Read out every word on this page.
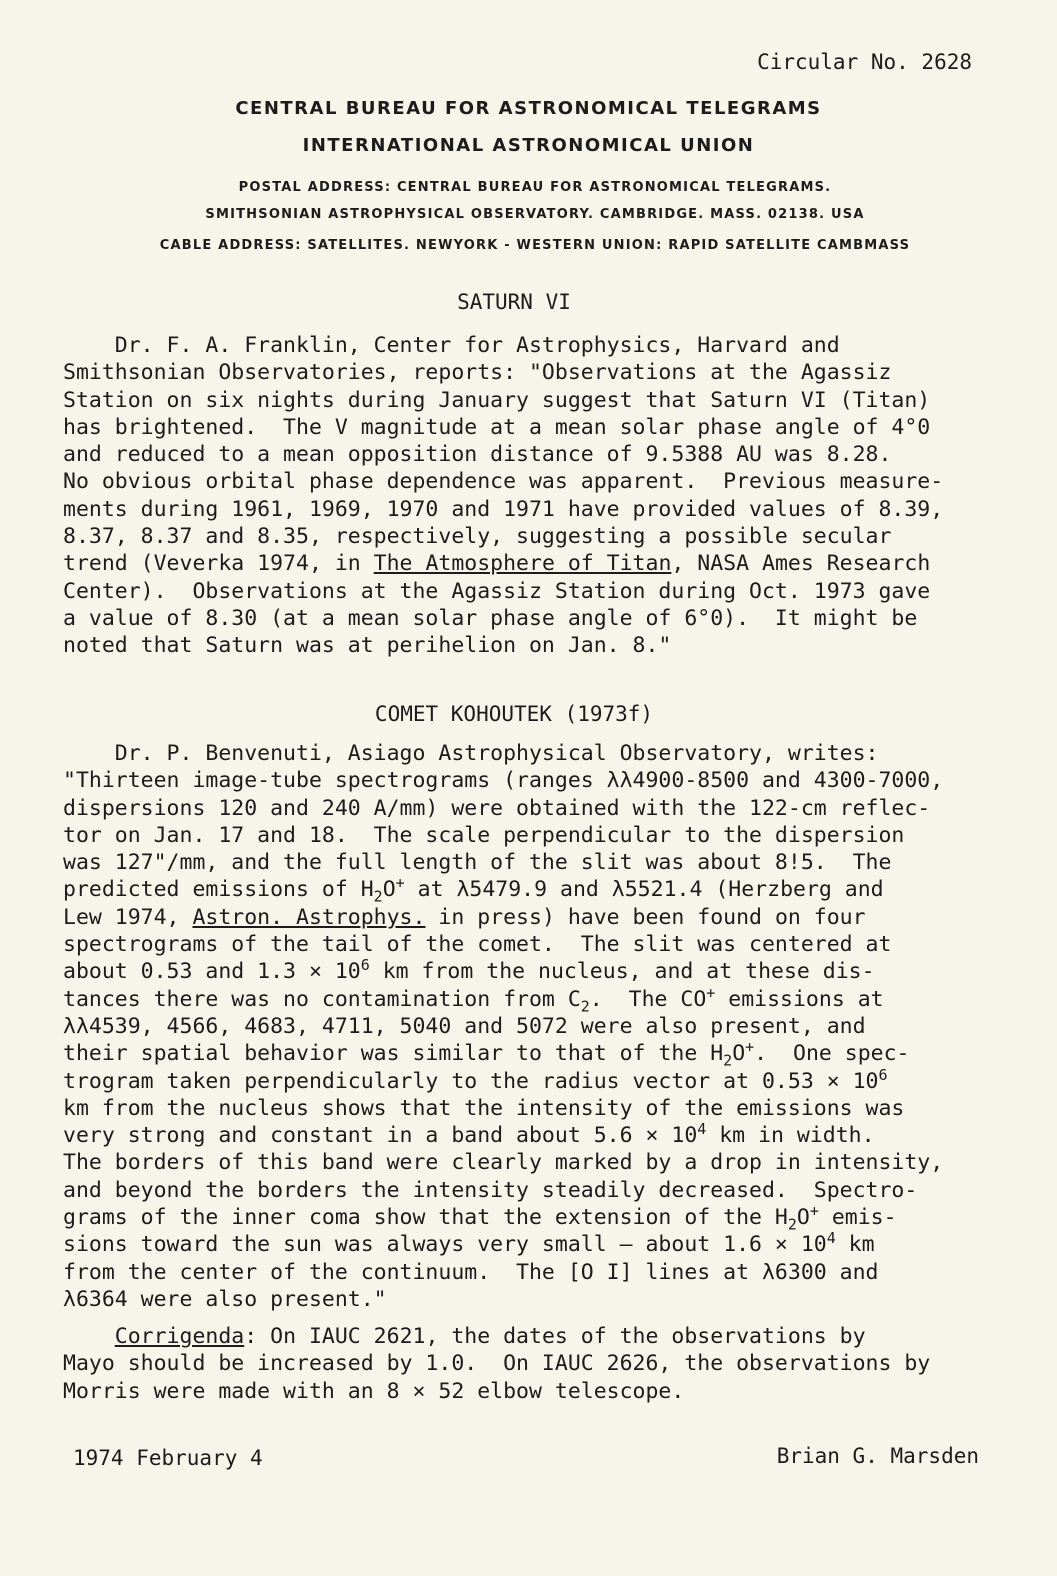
Circular No. 2628
CENTRAL BUREAU FOR ASTRONOMICAL TELEGRAMS
INTERNATIONAL ASTRONOMICAL UNION
POSTAL ADDRESS: CENTRAL BUREAU FOR ASTRONOMICAL TELEGRAMS.
SMITHSONIAN ASTROPHYSICAL OBSERVATORY. CAMBRIDGE. MASS. 02138. USA
CABLE ADDRESS: SATELLITES. NEWYORK - WESTERN UNION: RAPID SATELLITE CAMBMASS
SATURN VI
Dr. F. A. Franklin, Center for Astrophysics, Harvard and
Smithsonian Observatories, reports: "Observations at the Agassiz
Station on six nights during January suggest that Saturn VI (Titan)
has brightened.  The V magnitude at a mean solar phase angle of 4°0
and reduced to a mean opposition distance of 9.5388 AU was 8.28.
No obvious orbital phase dependence was apparent.  Previous measure-
ments during 1961, 1969, 1970 and 1971 have provided values of 8.39,
8.37, 8.37 and 8.35, respectively, suggesting a possible secular
trend (Veverka 1974, in The Atmosphere of Titan, NASA Ames Research
Center).  Observations at the Agassiz Station during Oct. 1973 gave
a value of 8.30 (at a mean solar phase angle of 6°0).  It might be
noted that Saturn was at perihelion on Jan. 8."
COMET KOHOUTEK (1973f)
Dr. P. Benvenuti, Asiago Astrophysical Observatory, writes:
"Thirteen image-tube spectrograms (ranges λλ4900-8500 and 4300-7000,
dispersions 120 and 240 A/mm) were obtained with the 122-cm reflec-
tor on Jan. 17 and 18.  The scale perpendicular to the dispersion
was 127"/mm, and the full length of the slit was about 8!5.  The
predicted emissions of $H_2O^+$ at λ5479.9 and λ5521.4 (Herzberg and
Lew 1974, Astron. Astrophys. in press) have been found on four
spectrograms of the tail of the comet.  The slit was centered at
about 0.53 and $1.3 \times 10^6$ km from the nucleus, and at these dis-
tances there was no contamination from $C_2$.  The CO+ emissions at
λλ4539, 4566, 4683, 4711, 5040 and 5072 were also present, and
their spatial behavior was similar to that of the $H_2O^+$.  One spec-
trogram taken perpendicularly to the radius vector at $0.53 \times 10^6$
km from the nucleus shows that the intensity of the emissions was
very strong and constant in a band about $5.6 \times 10^4$ km in width.
The borders of this band were clearly marked by a drop in intensity,
and beyond the borders the intensity steadily decreased.  Spectro-
grams of the inner coma show that the extension of the $H_2O^+$ emis-
sions toward the sun was always very small — about $1.6 \times 10^4$ km
from the center of the continuum.  The [O I] lines at λ6300 and
λ6364 were also present."
Corrigenda: On IAUC 2621, the dates of the observations by
Mayo should be increased by 1.0.  On IAUC 2626, the observations by
Morris were made with an 8 × 52 elbow telescope.
1974 February 4	Brian G. Marsden
